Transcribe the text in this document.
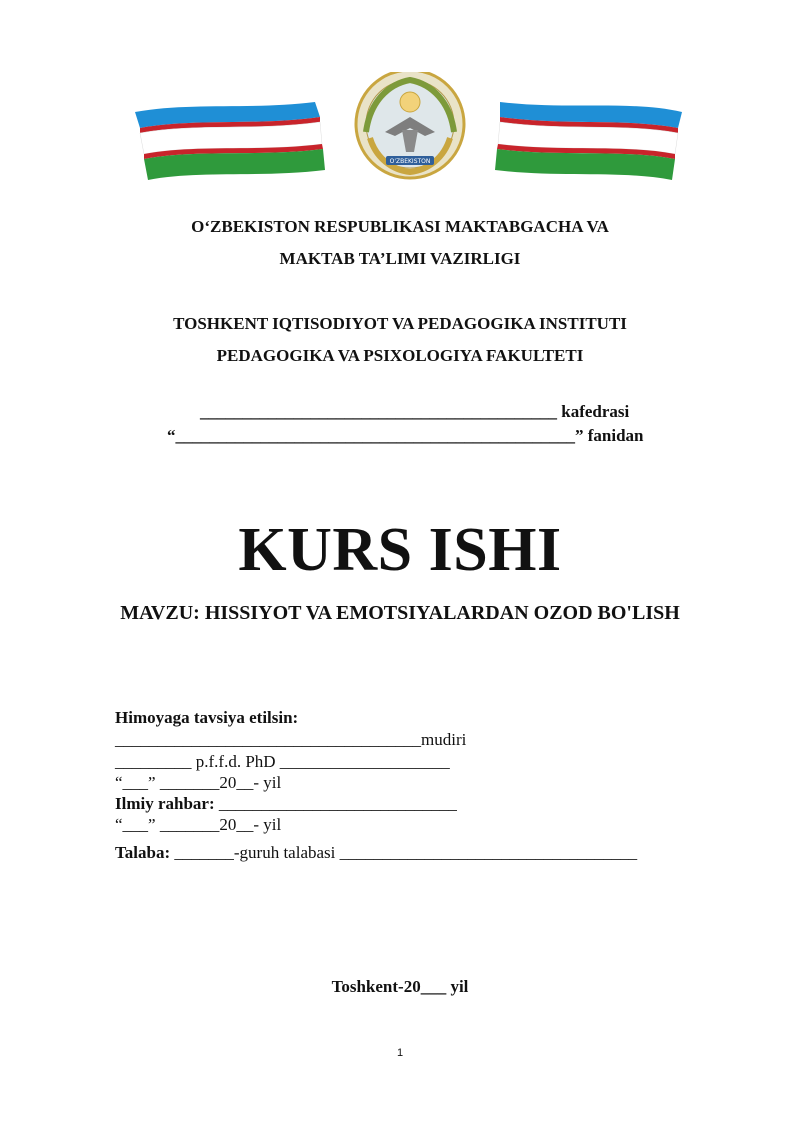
O'ZBEKISTON
O‘ZBEKISTON RESPUBLIKASI MAKTABGACHA VA
MAKTAB TA’LIMI VAZIRLIGI
TOSHKENT IQTISODIYOT VA PEDAGOGIKA INSTITUTI
PEDAGOGIKA VA PSIXOLOGIYA FAKULTETI
__________________________________________ kafedrasi
“_______________________________________________” fanidan
KURS ISHI
MAVZU: HISSIYOT VA EMOTSIYALARDAN OZOD BO'LISH
Himoyaga tavsiya etilsin:
____________________________________mudiri
_________ p.f.f.d. PhD ____________________
“___” _______20__- yil
Ilmiy rahbar: ____________________________
“___” _______20__- yil
Talaba: _______-guruh talabasi ___________________________________
Toshkent-20___ yil
1
